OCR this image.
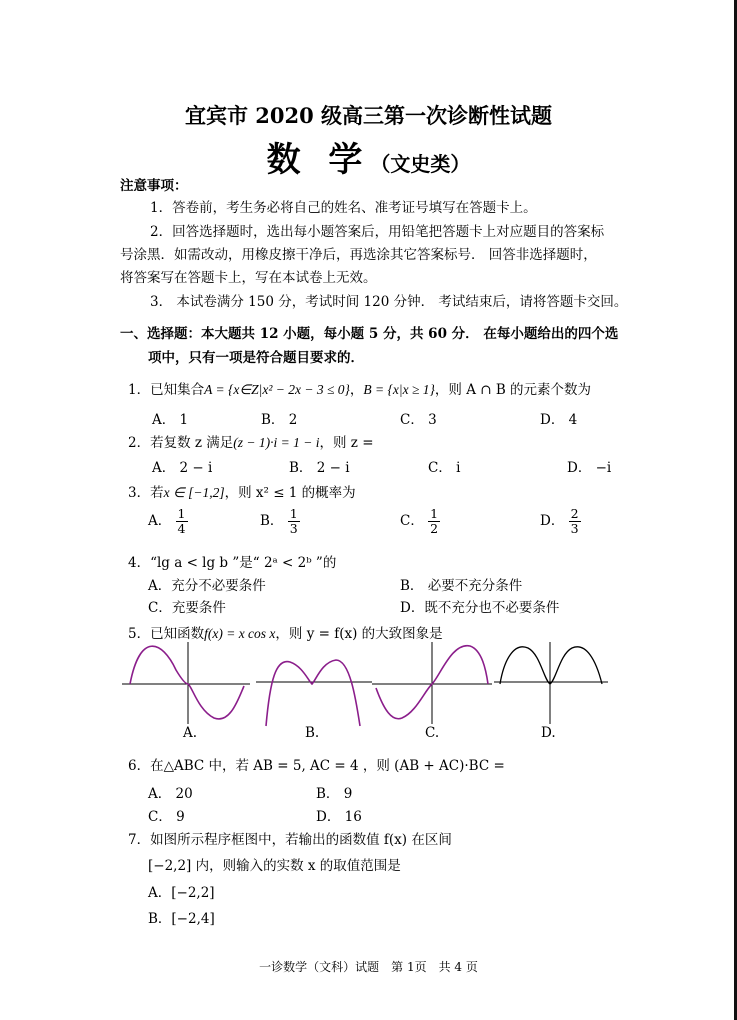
宜宾市 2020 级高三第一次诊断性试题
数 学（文史类）
注意事项：
1．答卷前，考生务必将自己的姓名、准考证号填写在答题卡上。
2．回答选择题时，选出每小题答案后，用铅笔把答题卡上对应题目的答案标
号涂黑．如需改动，用橡皮擦干净后，再选涂其它答案标号． 回答非选择题时，
将答案写在答题卡上，写在本试卷上无效。
3． 本试卷满分 150 分，考试时间 120 分钟． 考试结束后，请将答题卡交回。
一、选择题：本大题共 12 小题，每小题 5 分，共 60 分． 在每小题给出的四个选
项中，只有一项是符合题目要求的．
1．已知集合A = {x∈Z|x² − 2x − 3 ≤ 0}，B = {x|x ≥ 1}，则 A ∩ B 的元素个数为
A． 1	B． 2	C． 3	D． 4
2．若复数 z 满足(z − 1)·i = 1 − i，则 z =
A． 2 − i	B． 2 − i	C． i	D． −i
3．若x ∈ [−1,2]，则 x² ≤ 1 的概率为
A． $\frac{1}{4}$	B． $\frac{1}{3}$	C． $\frac{1}{2}$	D． $\frac{2}{3}$
4．“lg a < lg b ”是“ 2ᵃ < 2ᵇ ”的
A．充分不必要条件	B． 必要不充分条件
C．充要条件	D．既不充分也不必要条件
5．已知函数f(x) = x cos x，则 y = f(x) 的大致图象是
A.	B.	C.	D.
6．在△ABC 中，若 AB = 5, AC = 4 ，则 (AB + AC)·BC =
A． 20	B． 9
C． 9	D． 16
7．如图所示程序框图中，若输出的函数值 f(x) 在区间
[−2,2] 内，则输入的实数 x 的取值范围是
A．[−2,2]
B．[−2,4]
一诊数学（文科）试题　第 1页　共 4 页
